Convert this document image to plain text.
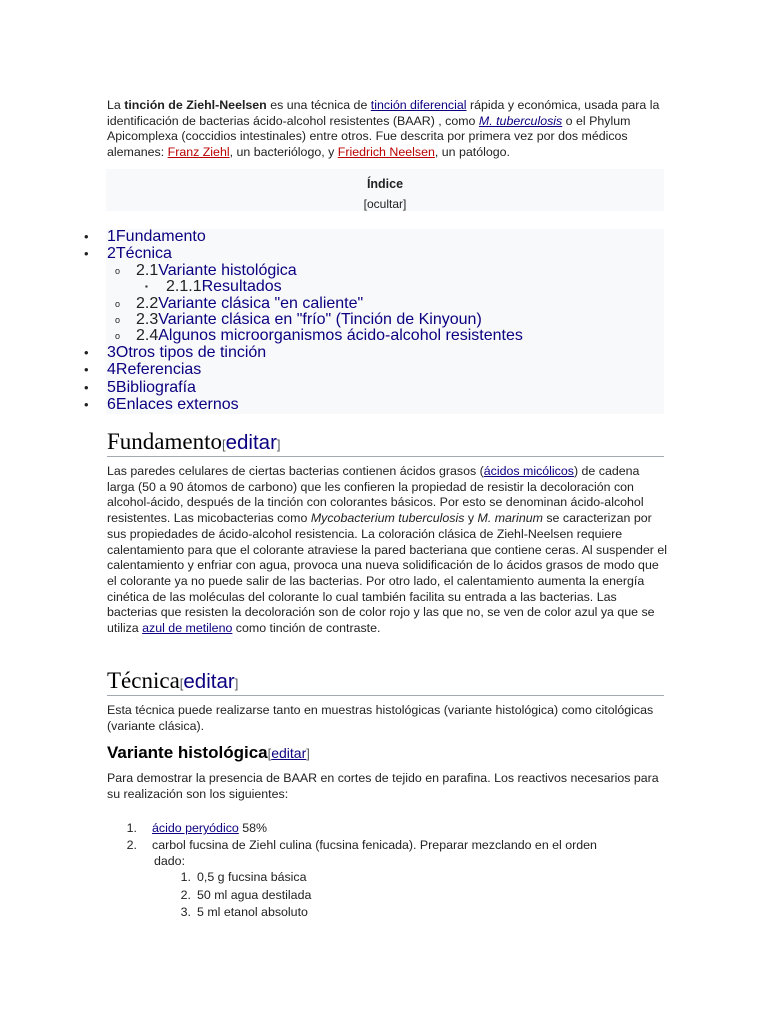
La tinción de Ziehl-Neelsen es una técnica de tinción diferencial rápida y económica, usada para la identificación de bacterias ácido-alcohol resistentes (BAAR) , como M. tuberculosis o el Phylum Apicomplexa (coccidios intestinales) entre otros. Fue descrita por primera vez por dos médicos alemanes: Franz Ziehl, un bacteriólogo, y Friedrich Neelsen, un patólogo.

Índice
[ocultar]
•
•
o
▪
o
o
o
•
•
•
•
1Fundamento
2Técnica
2.1Variante histológica
2.1.1Resultados
2.2Variante clásica "en caliente"
2.3Variante clásica en "frío" (Tinción de Kinyoun)
2.4Algunos microorganismos ácido-alcohol resistentes
3Otros tipos de tinción
4Referencias
5Bibliografía
6Enlaces externos
Fundamento[editar]

Las paredes celulares de ciertas bacterias contienen ácidos grasos (ácidos micólicos) de cadena larga (50 a 90 átomos de carbono) que les confieren la propiedad de resistir la decoloración con alcohol-ácido, después de la tinción con colorantes básicos. Por esto se denominan ácido-alcohol resistentes. Las micobacterias como Mycobacterium tuberculosis y M. marinum se caracterizan por sus propiedades de ácido-alcohol resistencia. La coloración clásica de Ziehl-Neelsen requiere calentamiento para que el colorante atraviese la pared bacteriana que contiene ceras. Al suspender el calentamiento y enfriar con agua, provoca una nueva solidificación de lo ácidos grasos de modo que el colorante ya no puede salir de las bacterias. Por otro lado, el calentamiento aumenta la energía cinética de las moléculas del colorante lo cual también facilita su entrada a las bacterias. Las bacterias que resisten la decoloración son de color rojo y las que no, se ven de color azul ya que se utiliza azul de metileno como tinción de contraste.

Técnica[editar]

Esta técnica puede realizarse tanto en muestras histológicas (variante histológica) como citológicas (variante clásica).

Variante histológica[editar]

Para demostrar la presencia de BAAR en cortes de tejido en parafina. Los reactivos necesarios para su realización son los siguientes:

1. ácido peryódico 58%
2. carbol fucsina de Ziehl culina (fucsina fenicada). Preparar mezclando en el orden
dado:
1. 0,5 g fucsina básica
2. 50 ml agua destilada
3. 5 ml etanol absoluto
